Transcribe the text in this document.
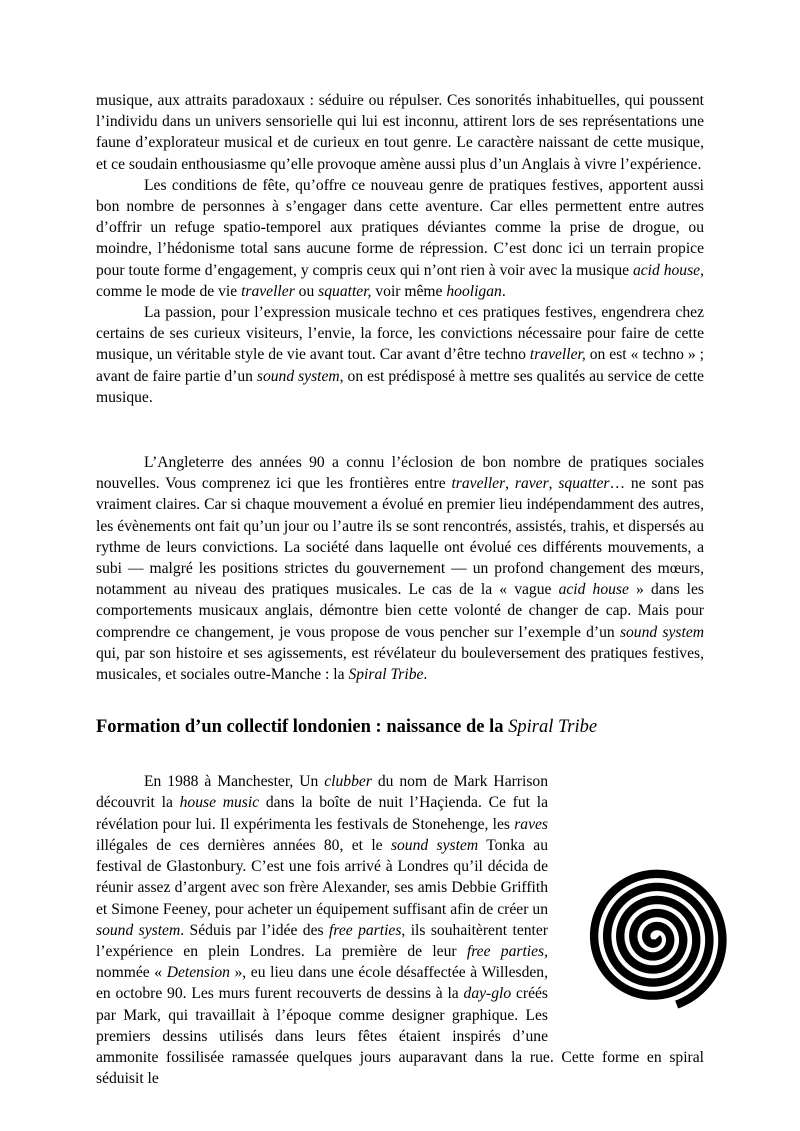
musique, aux attraits paradoxaux : séduire ou répulser. Ces sonorités inhabituelles, qui poussent l’individu dans un univers sensorielle qui lui est inconnu, attirent lors de ses représentations une faune d’explorateur musical et de curieux en tout genre. Le caractère naissant de cette musique, et ce soudain enthousiasme qu’elle provoque amène aussi plus d’un Anglais à vivre l’expérience.

Les conditions de fête, qu’offre ce nouveau genre de pratiques festives, apportent aussi bon nombre de personnes à s’engager dans cette aventure. Car elles permettent entre autres d’offrir un refuge spatio-temporel aux pratiques déviantes comme la prise de drogue, ou moindre, l’hédonisme total sans aucune forme de répression. C’est donc ici un terrain propice pour toute forme d’engagement, y compris ceux qui n’ont rien à voir avec la musique acid house, comme le mode de vie traveller ou squatter, voir même hooligan.

La passion, pour l’expression musicale techno et ces pratiques festives, engendrera chez certains de ses curieux visiteurs, l’envie, la force, les convictions nécessaire pour faire de cette musique, un véritable style de vie avant tout. Car avant d’être techno traveller, on est « techno » ; avant de faire partie d’un sound system, on est prédisposé à mettre ses qualités au service de cette musique.

L’Angleterre des années 90 a connu l’éclosion de bon nombre de pratiques sociales nouvelles. Vous comprenez ici que les frontières entre traveller, raver, squatter… ne sont pas vraiment claires. Car si chaque mouvement a évolué en premier lieu indépendamment des autres, les évènements ont fait qu’un jour ou l’autre ils se sont rencontrés, assistés, trahis, et dispersés au rythme de leurs convictions. La société dans laquelle ont évolué ces différents mouvements, a subi — malgré les positions strictes du gouvernement — un profond changement des mœurs, notamment au niveau des pratiques musicales. Le cas de la « vague acid house » dans les comportements musicaux anglais, démontre bien cette volonté de changer de cap. Mais pour comprendre ce changement, je vous propose de vous pencher sur l’exemple d’un sound system qui, par son histoire et ses agissements, est révélateur du bouleversement des pratiques festives, musicales, et sociales outre-Manche : la Spiral Tribe.

Formation d’un collectif londonien : naissance de la Spiral Tribe

En 1988 à Manchester, Un clubber du nom de Mark Harrison découvrit la house music dans la boîte de nuit l’Haçienda. Ce fut la révélation pour lui. Il expérimenta les festivals de Stonehenge, les raves illégales de ces dernières années 80, et le sound system Tonka au festival de Glastonbury. C’est une fois arrivé à Londres qu’il décida de réunir assez d’argent avec son frère Alexander, ses amis Debbie Griffith et Simone Feeney, pour acheter un équipement suffisant afin de créer un sound system. Séduis par l’idée des free parties, ils souhaitèrent tenter l’expérience en plein Londres. La première de leur free parties, nommée « Detension », eu lieu dans une école désaffectée à Willesden, en octobre 90. Les murs furent recouverts de dessins à la day-glo créés par Mark, qui travaillait à l’époque comme designer graphique. Les premiers dessins utilisés dans leurs fêtes étaient inspirés d’une ammonite fossilisée ramassée quelques jours auparavant dans la rue. Cette forme en spiral séduisit le
